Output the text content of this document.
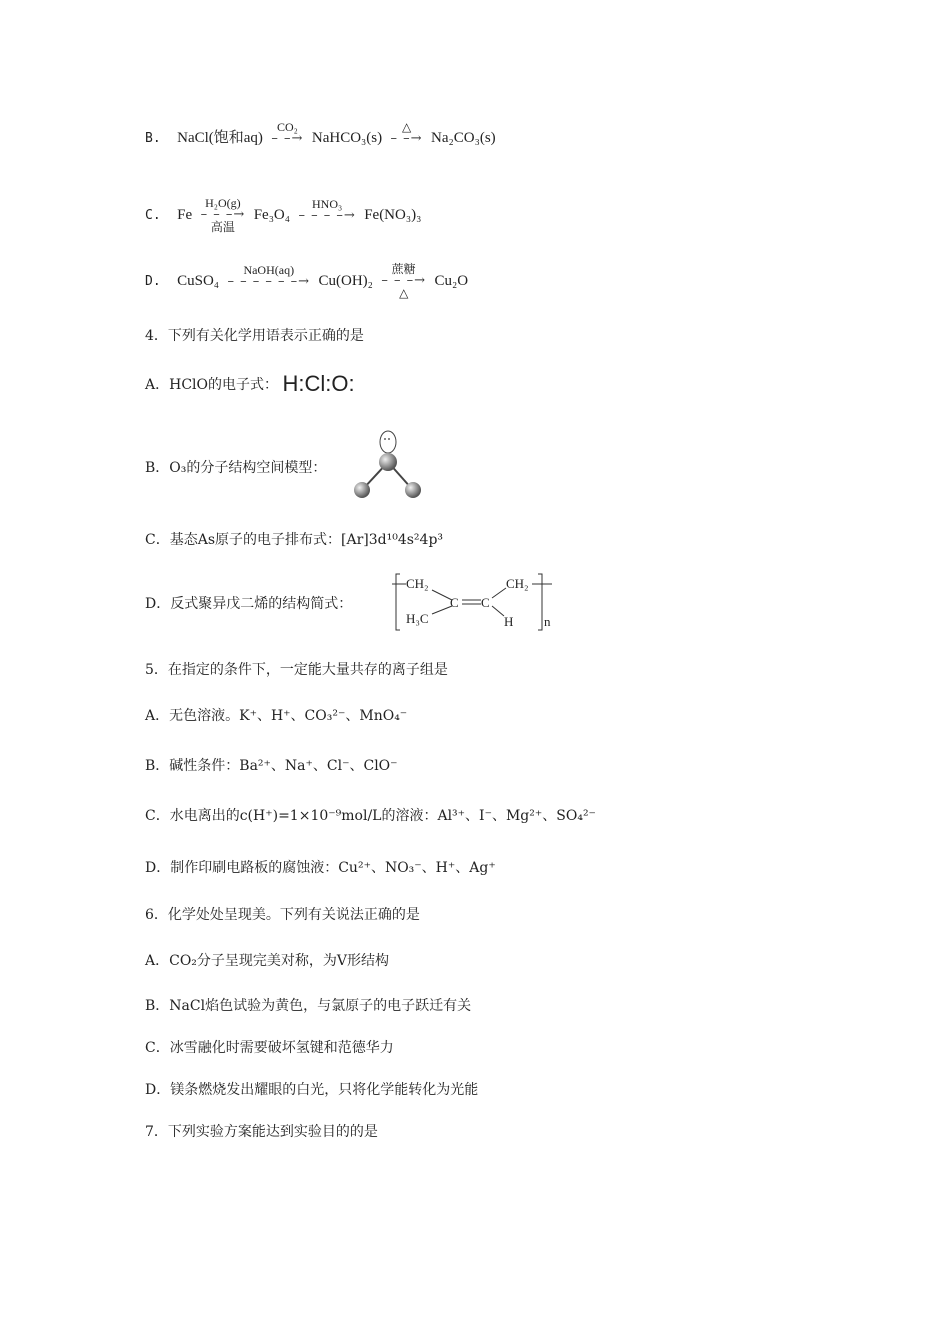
B. NaCl(饱和aq)
CO₂
– –→ NaHCO₃(s)
△
– –→ Na₂CO₃(s)
C. Fe
H₂O(g)
– – –→
高温
Fe₃O₄
HNO₃
– – – –→ Fe(NO₃)₃
D. CuSO₄
NaOH(aq)
– – – – – –→ Cu(OH)₂
蔗糖
– – –→
△
Cu₂O
4．下列有关化学用语表示正确的是
A．HClO的电子式： H:Cl:O:
B．O₃的分子结构空间模型：
C．基态As原子的电子排布式：[Ar]3d¹⁰4s²4p³
D．反式聚异戊二烯的结构简式：
CH₂
H₃C
C C
CH₂
H n
5．在指定的条件下，一定能大量共存的离子组是
A．无色溶液。K⁺、H⁺、CO₃²⁻、MnO₄⁻
B．碱性条件：Ba²⁺、Na⁺、Cl⁻、ClO⁻
C．水电离出的c(H⁺)=1×10⁻⁹mol/L的溶液：Al³⁺、I⁻、Mg²⁺、SO₄²⁻
D．制作印刷电路板的腐蚀液：Cu²⁺、NO₃⁻、H⁺、Ag⁺
6．化学处处呈现美。下列有关说法正确的是
A．CO₂分子呈现完美对称，为V形结构
B．NaCl焰色试验为黄色，与氯原子的电子跃迁有关
C．冰雪融化时需要破坏氢键和范德华力
D．镁条燃烧发出耀眼的白光，只将化学能转化为光能
7．下列实验方案能达到实验目的的是
